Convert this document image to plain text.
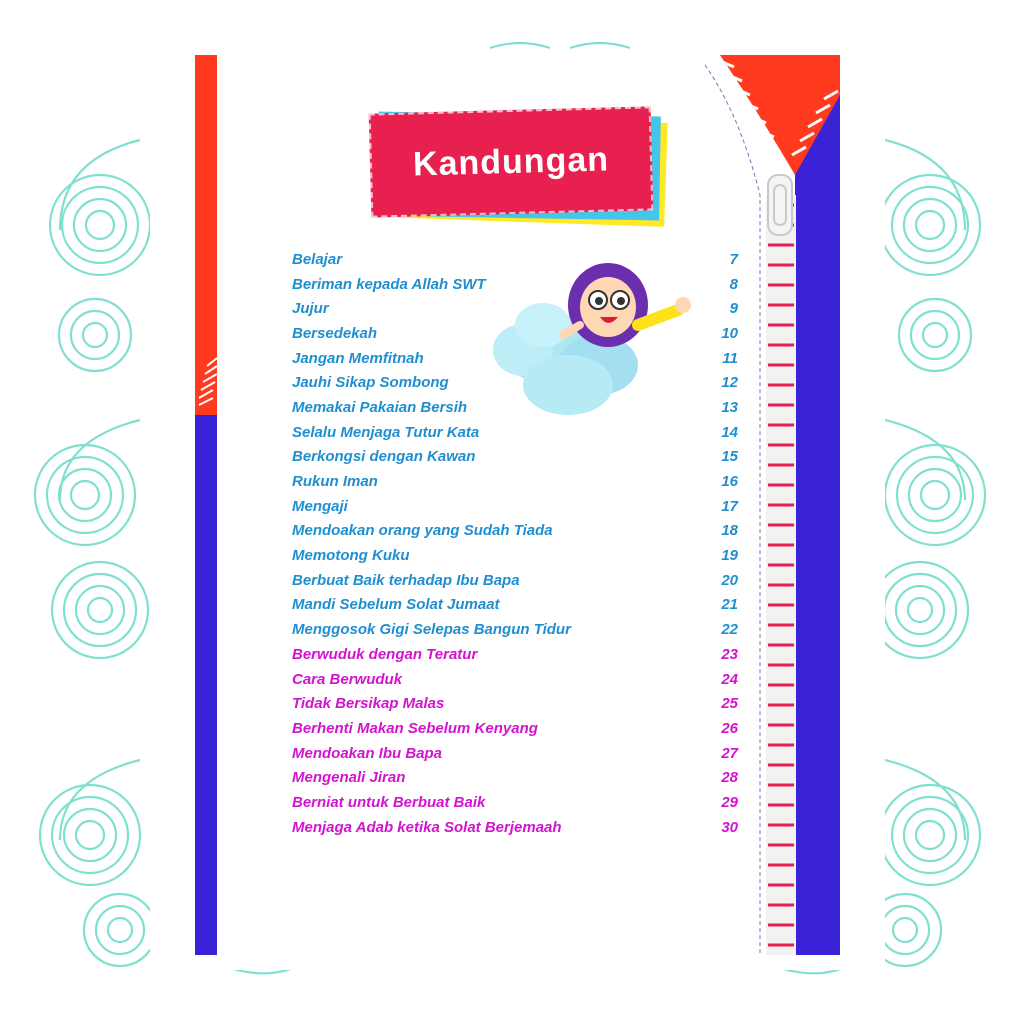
Kandungan
Belajar	7
Beriman kepada Allah SWT	8
Jujur	9
Bersedekah	10
Jangan Memfitnah	11
Jauhi Sikap Sombong	12
Memakai Pakaian Bersih	13
Selalu Menjaga Tutur Kata	14
Berkongsi dengan Kawan	15
Rukun Iman	16
Mengaji	17
Mendoakan orang yang Sudah Tiada	18
Memotong Kuku	19
Berbuat Baik terhadap Ibu Bapa	20
Mandi Sebelum Solat Jumaat	21
Menggosok Gigi Selepas Bangun Tidur	22
Berwuduk dengan Teratur	23
Cara Berwuduk	24
Tidak Bersikap Malas	25
Berhenti Makan Sebelum Kenyang	26
Mendoakan Ibu Bapa	27
Mengenali Jiran	28
Berniat untuk Berbuat Baik	29
Menjaga Adab ketika Solat Berjemaah	30
